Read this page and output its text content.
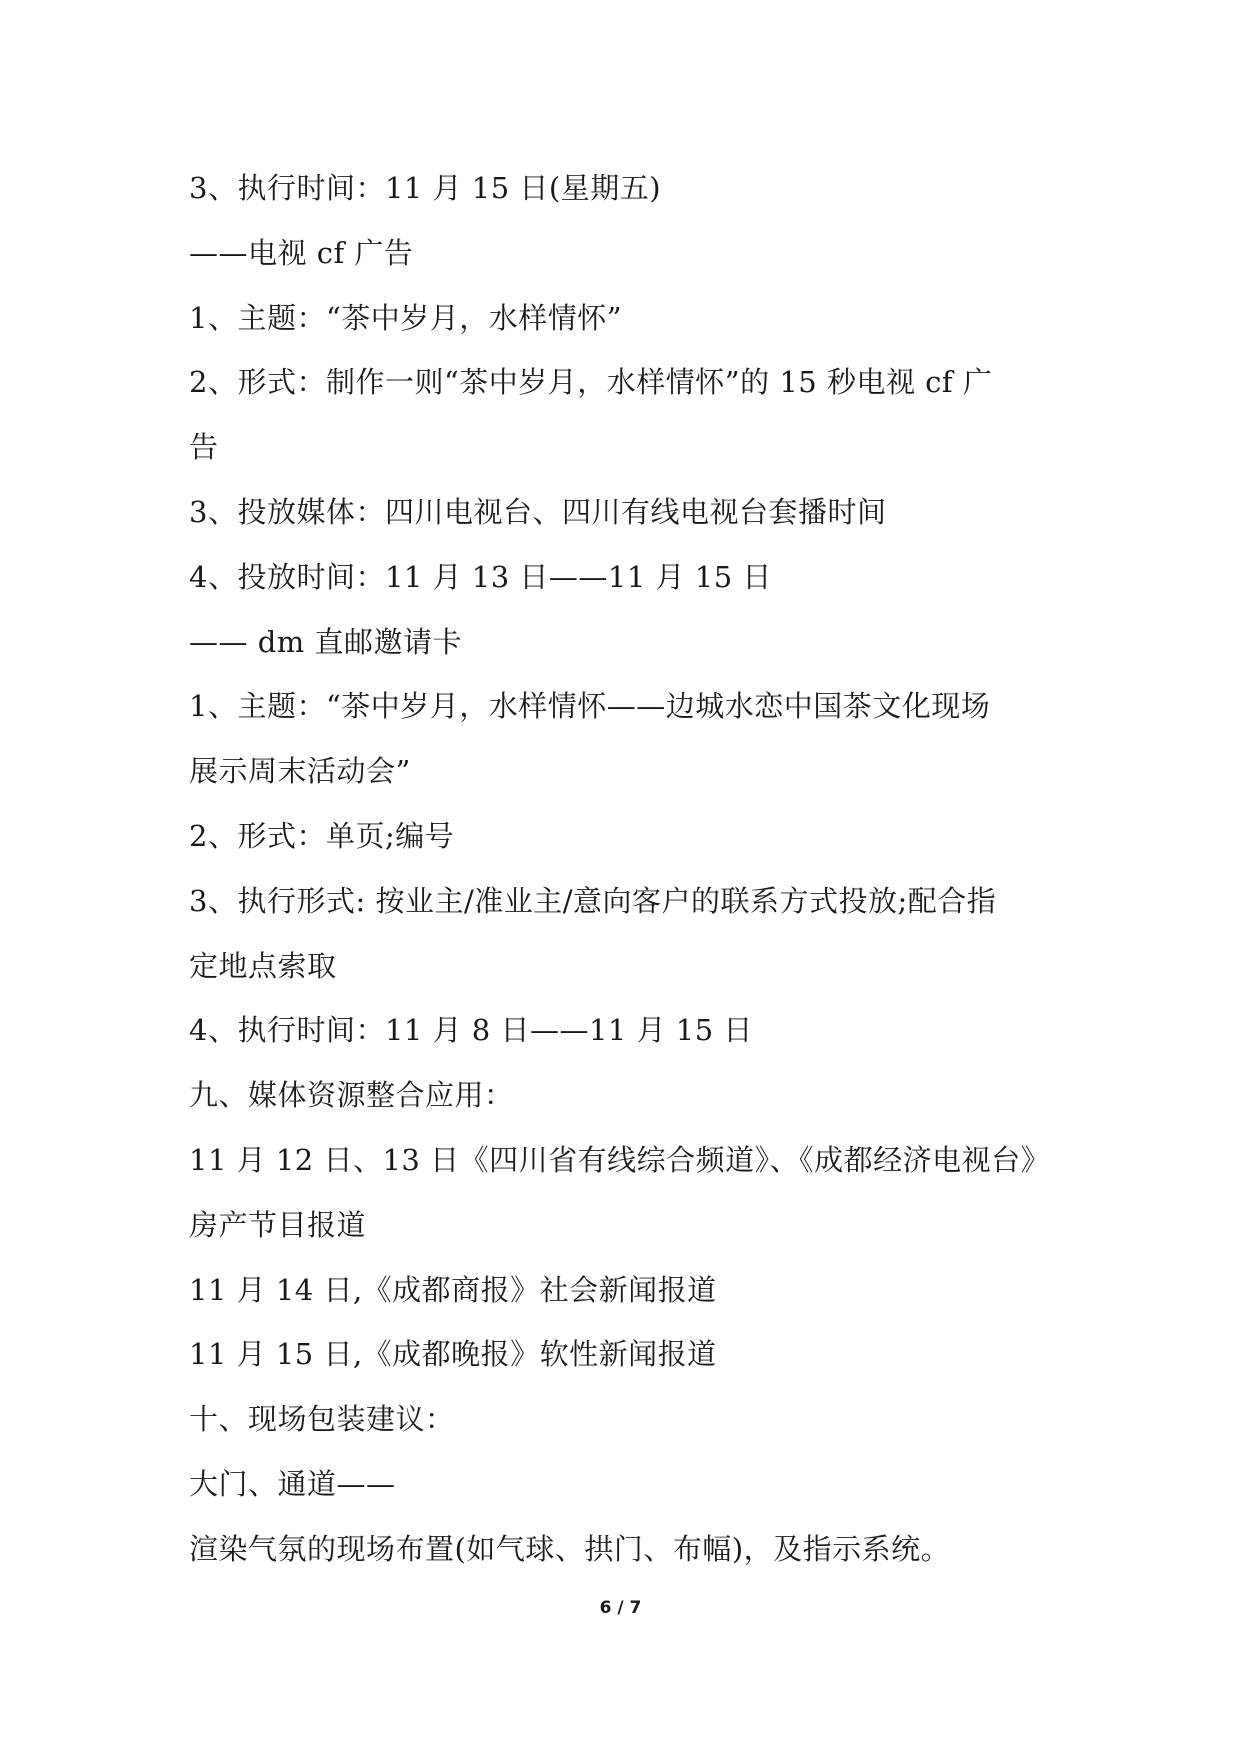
3、执行时间：11 月 15 日(星期五)
——电视 cf 广告
1、主题：“茶中岁月，水样情怀”
2、形式：制作一则“茶中岁月，水样情怀”的 15 秒电视 cf 广
告
3、投放媒体：四川电视台、四川有线电视台套播时间
4、投放时间：11 月 13 日——11 月 15 日
—— dm 直邮邀请卡
1、主题：“茶中岁月，水样情怀——边城水恋中国茶文化现场
展示周末活动会”
2、形式：单页;编号
3、执行形式: 按业主/准业主/意向客户的联系方式投放;配合指
定地点索取
4、执行时间：11 月 8 日——11 月 15 日
九、媒体资源整合应用：
11 月 12 日、13 日《四川省有线综合频道》、《成都经济电视台》
房产节目报道
11 月 14 日,《成都商报》社会新闻报道
11 月 15 日,《成都晚报》软性新闻报道
十、现场包装建议：
大门、通道——
渲染气氛的现场布置(如气球、拱门、布幅)，及指示系统。
6 / 7
